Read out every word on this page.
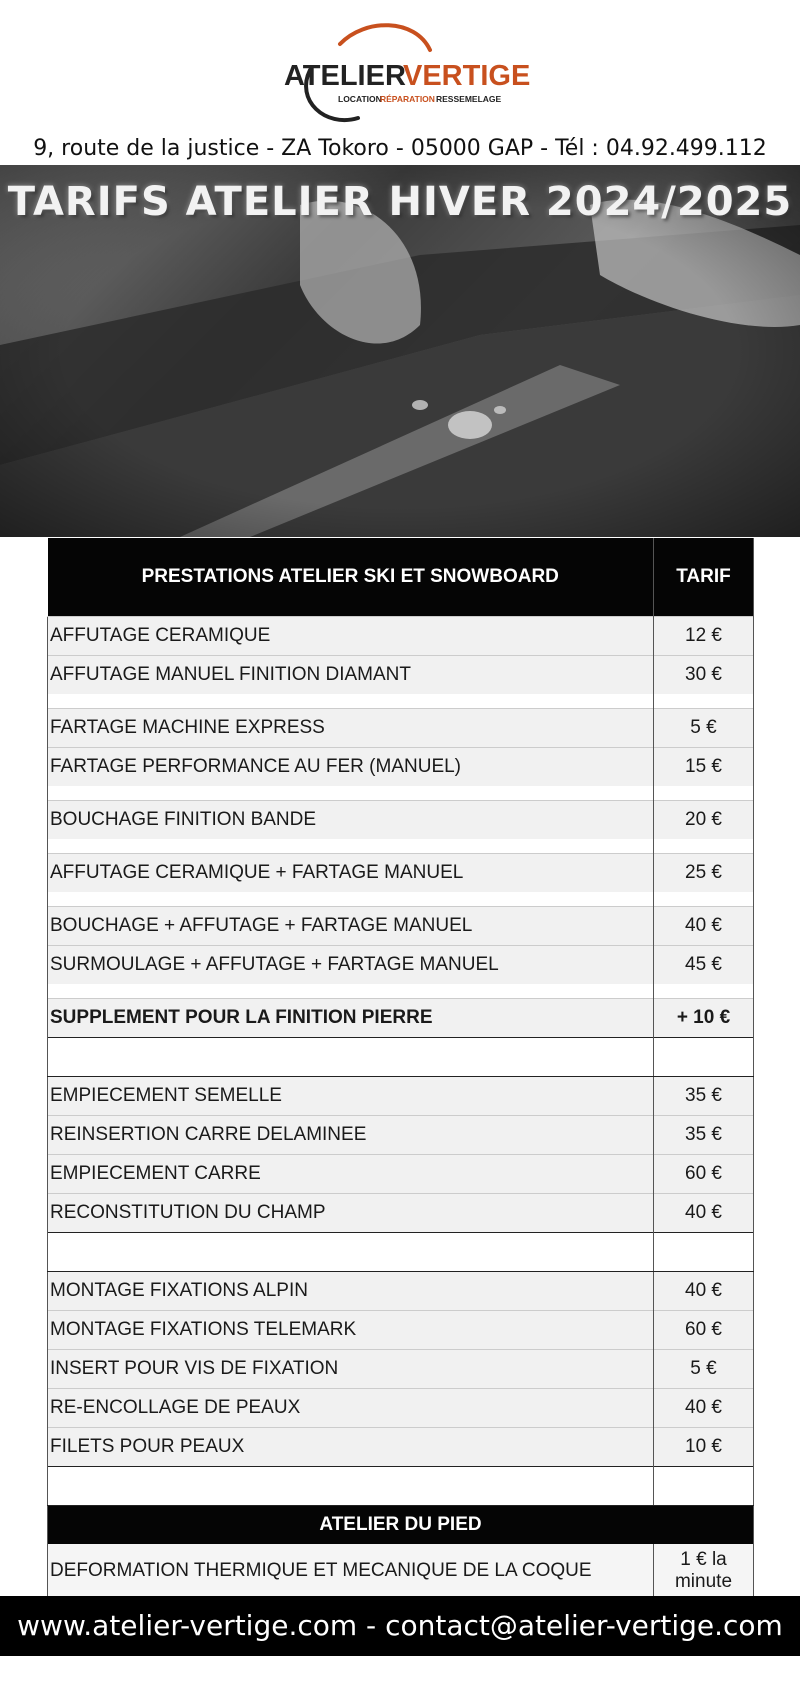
ATELIER
VERTIGE
LOCATION
RÉPARATION RESSEMELAGE
9, route de la justice - ZA Tokoro - 05000 GAP - Tél : 04.92.499.112
TARIFS ATELIER HIVER 2024/2025
PRESTATIONS ATELIER SKI ET SNOWBOARD	TARIF
AFFUTAGE CERAMIQUE	12 €
AFFUTAGE MANUEL FINITION DIAMANT	30 €

FARTAGE MACHINE EXPRESS	5 €
FARTAGE PERFORMANCE AU FER (MANUEL)	15 €

BOUCHAGE FINITION BANDE	20 €

AFFUTAGE CERAMIQUE + FARTAGE MANUEL	25 €

BOUCHAGE + AFFUTAGE + FARTAGE MANUEL	40 €
SURMOULAGE + AFFUTAGE + FARTAGE MANUEL	45 €

SUPPLEMENT POUR LA FINITION PIERRE	+ 10 €

EMPIECEMENT SEMELLE	35 €
REINSERTION CARRE DELAMINEE	35 €
EMPIECEMENT CARRE	60 €
RECONSTITUTION DU CHAMP	40 €

MONTAGE FIXATIONS ALPIN	40 €
MONTAGE FIXATIONS TELEMARK	60 €
INSERT POUR VIS DE FIXATION	5 €
RE-ENCOLLAGE DE PEAUX	40 €
FILETS POUR PEAUX	10 €

ATELIER DU PIED	
DEFORMATION THERMIQUE ET MECANIQUE DE LA COQUE	1 € la
minute
www.atelier-vertige.com - contact@atelier-vertige.com
